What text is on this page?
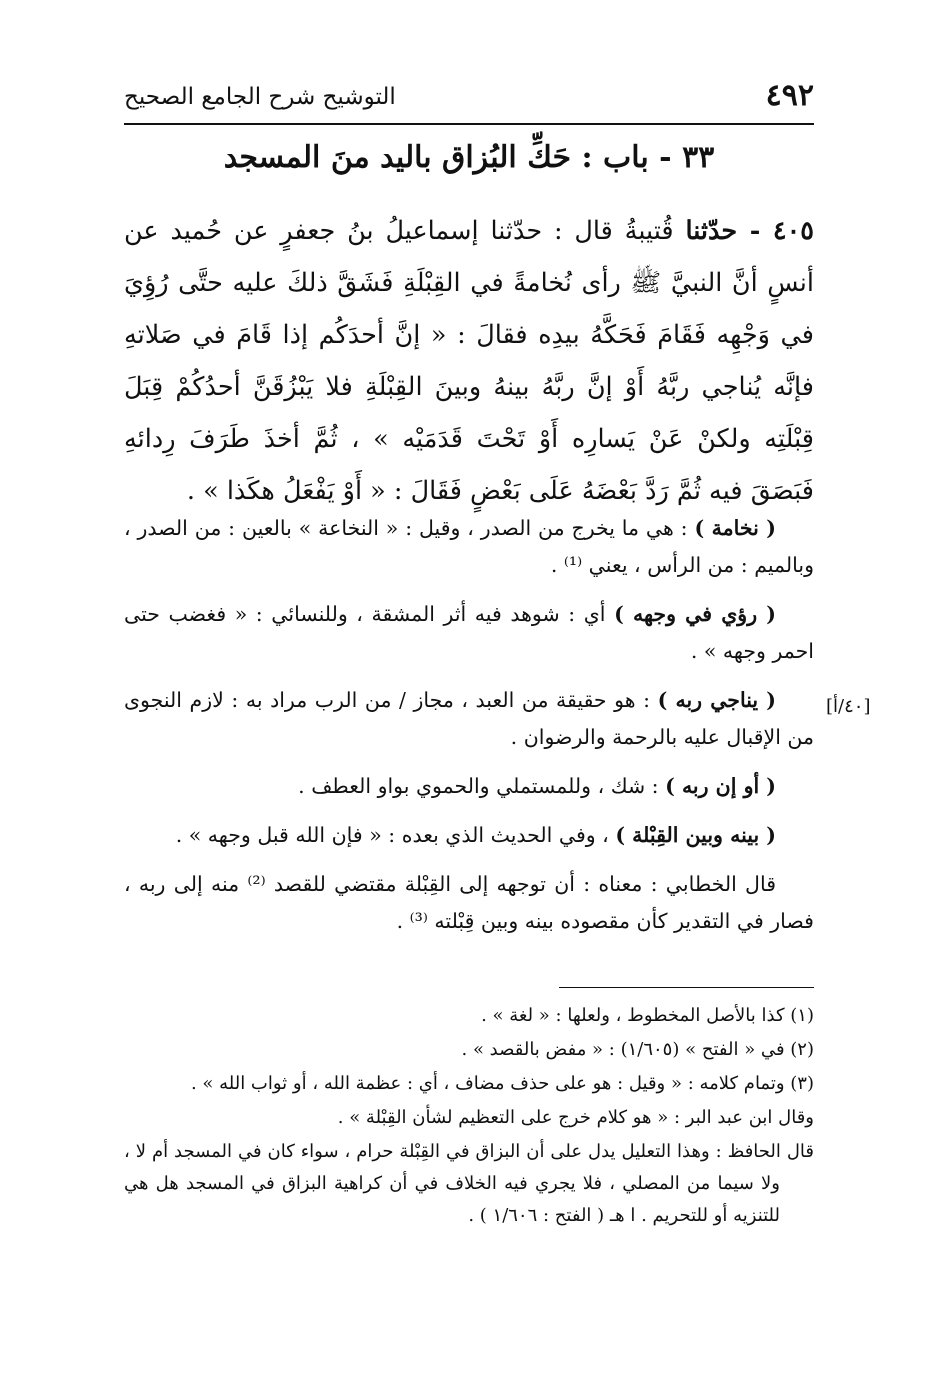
٤٩٢
التوشيح شرح الجامع الصحيح
٣٣ - باب : حَكِّ البُزاق باليد منَ المسجد
٤٠٥ - حدّثنا قُتيبةُ قال : حدّثنا إسماعيلُ بنُ جعفرٍ عن حُميد عن أنسٍ أنَّ النبيَّ ﷺ رأى نُخامةً في القِبْلَةِ فَشَقَّ ذلكَ عليه حتَّى رُؤِيَ في وَجْهِه فَقَامَ فَحَكَّهُ بيدِه فقالَ : « إنَّ أحدَكُم إذا قَامَ في صَلاتهِ فإنَّه يُناجي ربَّهُ أَوْ إنَّ ربَّهُ بينهُ وبينَ القِبْلَةِ فلا يَبْزُقَنَّ أحدُكُمْ قِبَلَ قِبْلَتِه ولكنْ عَنْ يَسارِه أَوْ تَحْتَ قَدَمَيْه » ، ثُمَّ أخذَ طَرَفَ رِدائهِ فَبَصَقَ فيه ثُمَّ رَدَّ بَعْضَهُ عَلَى بَعْضٍ فَقَالَ : « أَوْ يَفْعَلُ هكَذا » .

( نخامة ) : هي ما يخرج من الصدر ، وقيل : « النخاعة » بالعين : من الصدر ، وبالميم : من الرأس ، يعني ⁽¹⁾ .

( رؤي في وجهه ) أي : شوهد فيه أثر المشقة ، وللنسائي : « فغضب حتى احمر وجهه » .

( يناجي ربه ) : هو حقيقة من العبد ، مجاز / من الرب مراد به : لازم النجوى من الإقبال عليه بالرحمة والرضوان .

( أو إن ربه ) : شك ، وللمستملي والحموي بواو العطف .

( بينه وبين القِبْلة ) ، وفي الحديث الذي بعده : « فإن الله قبل وجهه » .

قال الخطابي : معناه : أن توجهه إلى القِبْلة مقتضي للقصد ⁽²⁾ منه إلى ربه ، فصار في التقدير كأن مقصوده بينه وبين قِبْلته ⁽³⁾ .

[٤٠/أ]

(١) كذا بالأصل المخطوط ، ولعلها : « لغة » .

(٢) في « الفتح » (١/٦٠٥) : « مفض بالقصد » .

(٣) وتمام كلامه : « وقيل : هو على حذف مضاف ، أي : عظمة الله ، أو ثواب الله » .

وقال ابن عبد البر : « هو كلام خرج على التعظيم لشأن القِبْلة » .

قال الحافظ : وهذا التعليل يدل على أن البزاق في القِبْلة حرام ، سواء كان في المسجد أم لا ، ولا سيما من المصلي ، فلا يجري فيه الخلاف في أن كراهية البزاق في المسجد هل هي للتنزيه أو للتحريم . ا هـ ( الفتح : ١/٦٠٦ ) .
